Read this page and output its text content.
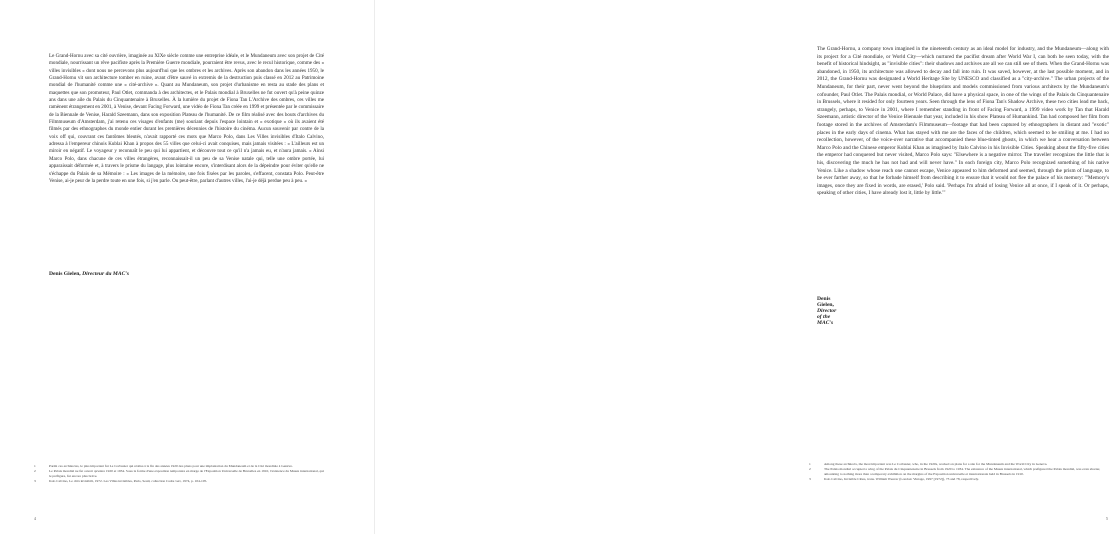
Le Grand-Hornu avec sa cité ouvrière, imaginée au XIXe siècle comme une entreprise idéale, et le Mundaneum avec son projet de Cité mondiale, nourrissant un rêve pacifiste après la Première Guerre mondiale, pourraient être revus, avec le recul historique, comme des « villes invisibles » dont nous ne percevons plus aujourd'hui que les ombres et les archives. Après son abandon dans les années 1950, le Grand-Hornu vit son architecture tomber en ruine, avant d'être sauvé in extremis de la destruction puis classé en 2012 au Patrimoine mondial de l'humanité comme une « cité-archive ». Quant au Mundaneum, son projet d'urbanisme en resta au stade des plans et maquettes que son promoteur, Paul Otlet, commanda à des architectes, et le Palais mondial à Bruxelles ne fut ouvert qu'à peine quinze ans dans une aile du Palais du Cinquantenaire à Bruxelles. À la lumière du projet de Fiona Tan L'Archive des ombres, ces villes me ramènent étrangement en 2001, à Venise, devant Facing Forward, une vidéo de Fiona Tan créée en 1999 et présentée par le commissaire de la Biennale de Venise, Harald Szeemann, dans son exposition Plateau de l'humanité. De ce film réalisé avec des bouts d'archives du Filmmuseum d'Amsterdam, j'ai retenu ces visages d'enfants (me) souriant depuis l'espace lointain et « exotique » où ils avaient été filmés par des ethnographes du monde entier durant les premières décennies de l'histoire du cinéma. Aucun souvenir par contre de la voix off qui, couvrant ces fantômes bleutés, n'avait rapporté ces mots que Marco Polo, dans Les Villes invisibles d'Italo Calvino, adressa à l'empereur chinois Kublai Khan à propos des 55 villes que celui-ci avait conquises, mais jamais visitées : « L'ailleurs est un miroir en négatif. Le voyageur y reconnaît le peu qui lui appartient, et découvre tout ce qu'il n'a jamais eu, et n'aura jamais. » Ainsi Marco Polo, dans chacune de ces villes étrangères, reconnaissait-il un peu de sa Venise natale qui, telle une ombre portée, lui apparaissait déformée et, à travers le prisme du langage, plus lointaine encore, s'interdisant alors de la dépeindre pour éviter qu'elle ne s'échappe du Palais de sa Mémoire : « Les images de la mémoire, une fois fixées par les paroles, s'effacent, constata Polo. Peut-être Venise, ai-je peur de la perdre toute en une fois, si j'en parle. Ou peut-être, parlant d'autres villes, l'ai-je déjà perdue peu à peu. »

Denis Gielen, Directeur du MAC's
1	Parmi ces architectes, le plus important fut Le Corbusier qui réalisa à la fin des années 1920 des plans pour une implantation du Mundaneum et de la Cité mondiale à Genève.
2	Le Palais mondial ne fut ouvert qu'entre 1920 et 1934. Sous la forme d'une exposition temporaire en marge de l'Exposition Universelle de Bruxelles en 1910, l'existence du Musée international, qui le préfigura, fut encore plus brève.
3	Italo Calvino, Le città invisibili, 1972. Les Villes invisibles, Paris, Seuil, collection Cadre vert, 1974, p. 104-105.
4

The Grand-Hornu, a company town imagined in the nineteenth century as an ideal model for industry, and the Mundaneum—along with its project for a Cité mondiale, or World City—which nurtured the pacifist dream after World War I, can both be seen today, with the benefit of historical hindsight, as "invisible cities": their shadows and archives are all we can still see of them. When the Grand-Hornu was abandoned, in 1950, its architecture was allowed to decay and fall into ruin. It was saved, however, at the last possible moment, and in 2012, the Grand-Hornu was designated a World Heritage Site by UNESCO and classified as a "city-archive." The urban projects of the Mundaneum, for their part, never went beyond the blueprints and models commissioned from various architects by the Mundaneum's cofounder, Paul Otlet. The Palais mondial, or World Palace, did have a physical space, in one of the wings of the Palais du Cinquantenaire in Brussels, where it resided for only fourteen years. Seen through the lens of Fiona Tan's Shadow Archive, these two cities lead me back, strangely, perhaps, to Venice in 2001, where I remember standing in front of Facing Forward, a 1999 video work by Tan that Harald Szeemann, artistic director of the Venice Biennale that year, included in his show Plateau of Humankind. Tan had composed her film from footage stored in the archives of Amsterdam's Filmmuseum—footage that had been captured by ethnographers in distant and "exotic" places in the early days of cinema. What has stayed with me are the faces of the children, which seemed to be smiling at me. I had no recollection, however, of the voice-over narrative that accompanied these blue-tinted ghosts, in which we hear a conversation between Marco Polo and the Chinese emperor Kublai Khan as imagined by Italo Calvino in his Invisible Cities. Speaking about the fifty-five cities the emperor had conquered but never visited, Marco Polo says: "Elsewhere is a negative mirror. The traveller recognizes the little that is his, discovering the much he has not had and will never have." In each foreign city, Marco Polo recognized something of his native Venice. Like a shadow whose reach one cannot escape, Venice appeared to him deformed and seemed, through the prism of language, to be ever farther away, so that he forbade himself from describing it to ensure that it would not flee the palace of his memory: "'Memory's images, once they are fixed in words, are erased,' Polo said. 'Perhaps I'm afraid of losing Venice all at once, if I speak of it. Or perhaps, speaking of other cities, I have already lost it, little by little.'"

Denis Gielen, Director of the MAC's
1	Among these architects, the most important was Le Corbusier, who, in the 1920s, worked on plans for a site for the Mundaneum and the World City in Geneva.
2	The Palais mondial occupied a wing of the Palais du Cinquantenaire in Brussels from 1920 to 1934. The existence of the Musée international, which prefigured the Palais mondial, was even shorter, amounting to nothing more than a temporary exhibition on the margins of the Exposition universelle et internationale held in Brussels in 1910.
3	Italo Calvino, Invisible Cities, trans. William Weaver (London: Vintage, 1997 [1972]), 73 and 78, respectively.
5
